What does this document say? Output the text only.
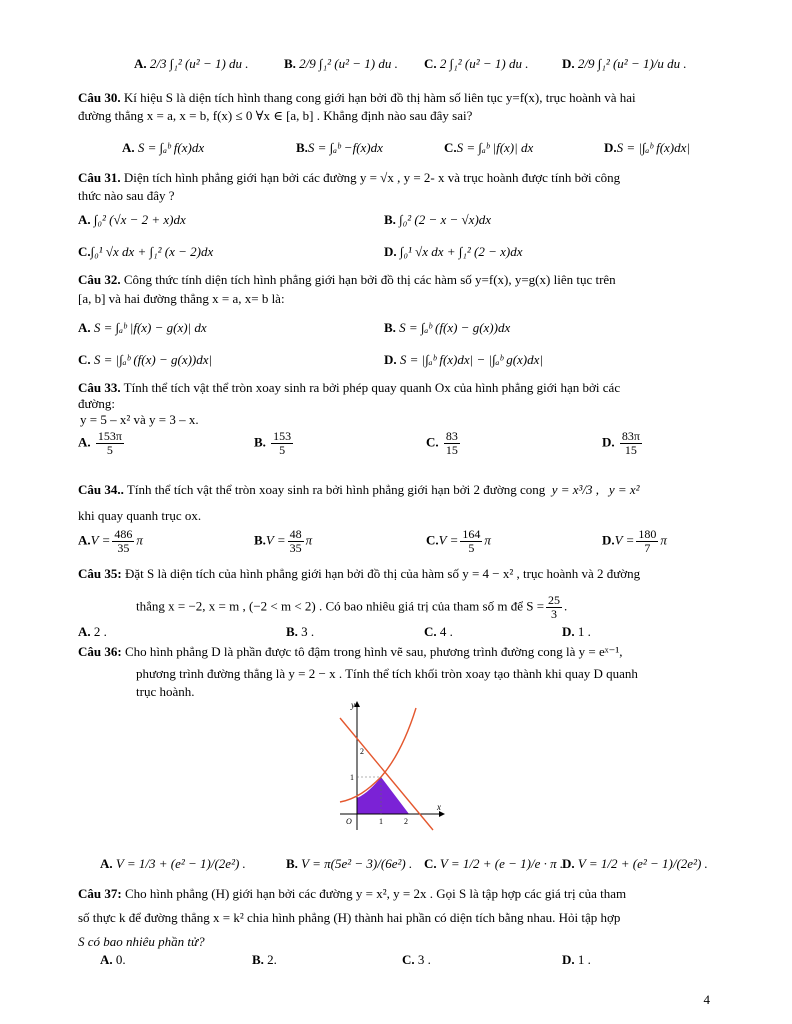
A. 2/3 ∫₁² (u² − 1) du .	B. 2/9 ∫₁² (u² − 1) du . C. 2 ∫₁² (u² − 1) du .	D. 2/9 ∫₁² (u² − 1)/u du .
Câu 30. Kí hiệu S là diện tích hình thang cong giới hạn bởi đồ thị hàm số liên tục y=f(x), trục hoành và hai
đường thẳng x = a, x = b, f(x) ≤ 0 ∀x ∈ [a, b] . Khẳng định nào sau đây sai?
A. S = ∫ₐᵇ f(x)dx	B.S = ∫ₐᵇ −f(x)dx	C.S = ∫ₐᵇ |f(x)| dx	D.S = |∫ₐᵇ f(x)dx|
Câu 31. Diện tích hình phẳng giới hạn bởi các đường y = √x , y = 2- x và trục hoành được tính bởi công
thức nào sau đây ?
A. ∫₀² (√x − 2 + x)dx	B. ∫₀² (2 − x − √x)dx
C.∫₀¹ √x dx + ∫₁² (x − 2)dx	D. ∫₀¹ √x dx + ∫₁² (2 − x)dx
Câu 32. Công thức tính diện tích hình phẳng giới hạn bởi đồ thị các hàm số y=f(x), y=g(x) liên tục trên
[a, b] và hai đường thẳng x = a, x= b là:
A. S = ∫ₐᵇ |f(x) − g(x)| dx	B. S = ∫ₐᵇ (f(x) − g(x))dx
C. S = |∫ₐᵇ (f(x) − g(x))dx|	D. S = |∫ₐᵇ f(x)dx| − |∫ₐᵇ g(x)dx|
Câu 33. Tính thể tích vật thể tròn xoay sinh ra bởi phép quay quanh Ox của hình phẳng giới hạn bởi các
đường:
y = 5 – x² và y = 3 – x.
A. $\frac{153\pi}{5}$	B. $\frac{153}{5}$	C. $\frac{83}{15}$	D. $\frac{83\pi}{15}$
Câu 34.. Tính thể tích vật thể tròn xoay sinh ra bởi hình phẳng giới hạn bởi 2 đường cong y = x³/3 , y = x²
khi quay quanh trục ox.
$A.V = \frac{486}{35}$ π	$B.V = \frac{48}{35}$ π	$C.V = \frac{164}{5}$ π	$D.V = \frac{180}{7}$ π
Câu 35: Đặt S là diện tích của hình phẳng giới hạn bởi đồ thị của hàm số y = 4 − x² , trục hoành và 2 đường
thẳng x = −2, x = m , (−2 < m < 2) . Có bao nhiêu giá trị của tham số m để $S = \frac{25}{3}$ .
A. 2 .	B. 3 .	C. 4 .	D. 1 .
Câu 36: Cho hình phẳng D là phần được tô đậm trong hình vẽ sau, phương trình đường cong là y = eˣ⁻¹,
phương trình đường thẳng là y = 2 − x . Tính thể tích khối tròn xoay tạo thành khi quay D quanh
trục hoành.
y
x
O
2
1
1	2
A. V = 1/3 + (e² − 1)/(2e²) .	B. V = π(5e² − 3)/(6e²) . C. V = 1/2 + (e − 1)/e · π .
D. V = 1/2 + (e² − 1)/(2e²) .
Câu 37: Cho hình phẳng (H) giới hạn bởi các đường y = x², y = 2x . Gọi S là tập hợp các giá trị của tham
số thực k để đường thẳng x = k² chia hình phẳng (H) thành hai phần có diện tích bằng nhau. Hỏi tập hợp
S có bao nhiêu phần tử?
A. 0.	B. 2.	C. 3 .	D. 1 .
4
